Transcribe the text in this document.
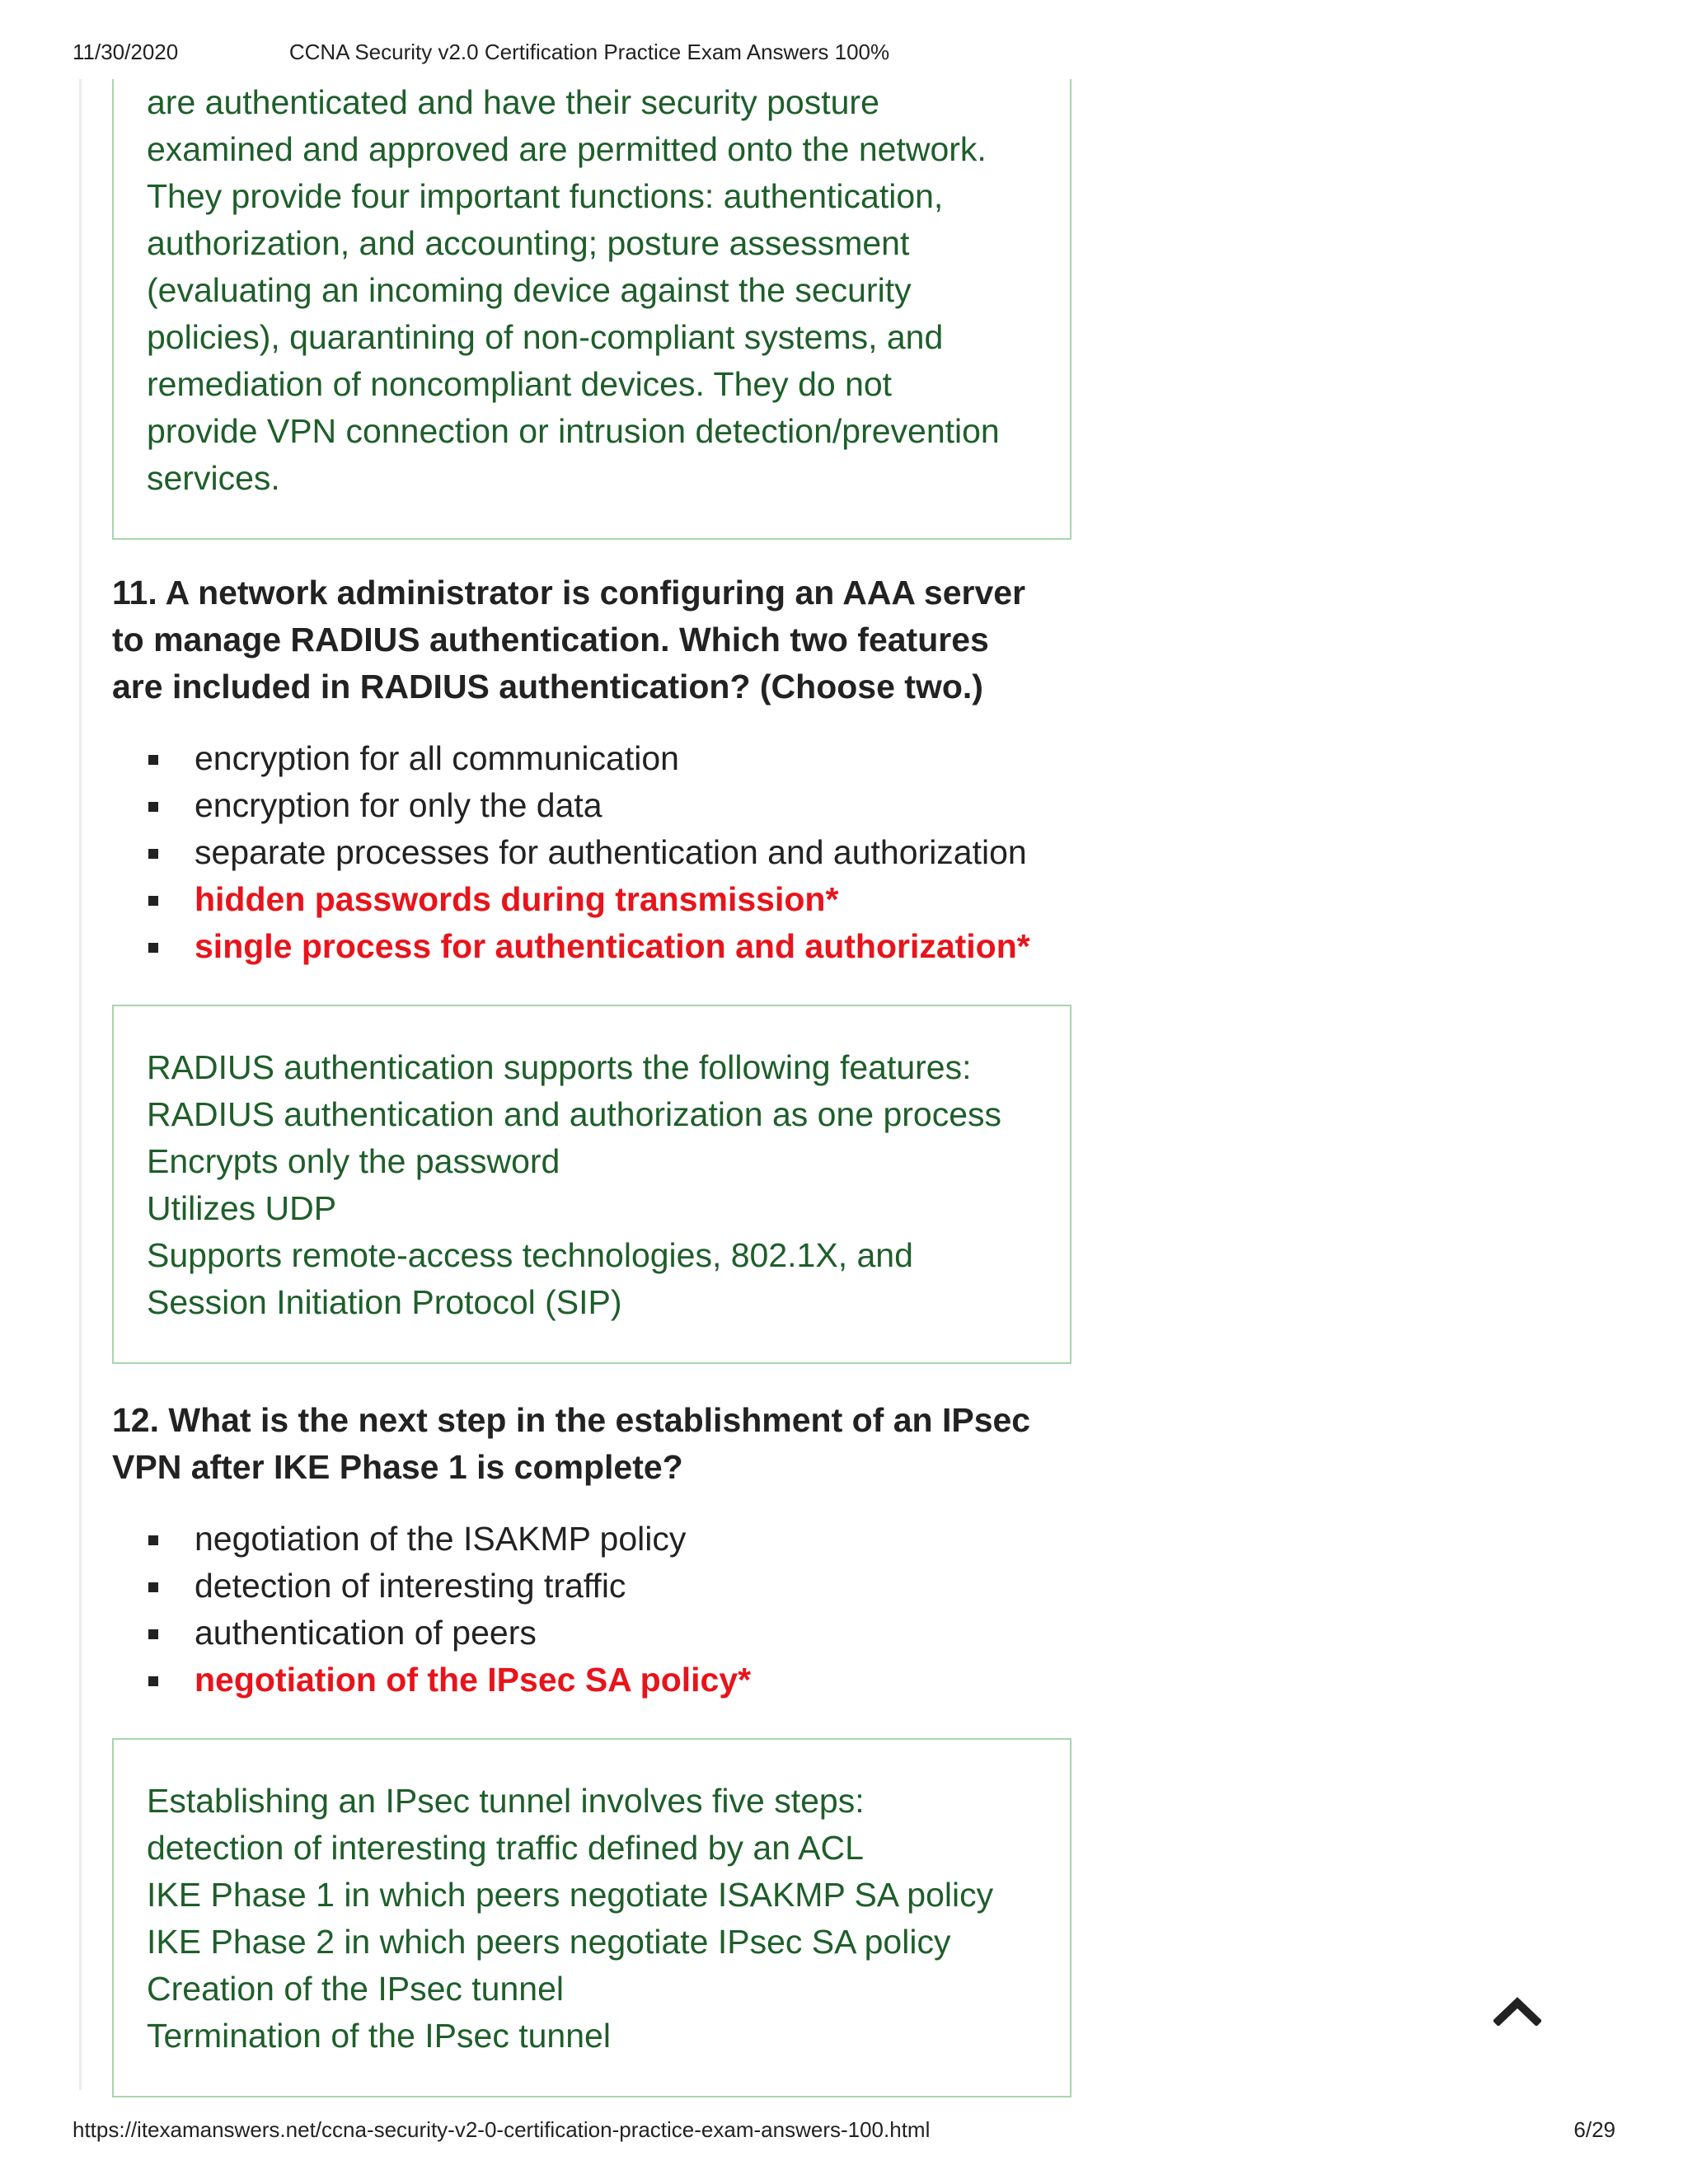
11/30/2020	CCNA Security v2.0 Certification Practice Exam Answers 100%
are authenticated and have their security posture
examined and approved are permitted onto the network.
They provide four important functions: authentication,
authorization, and accounting; posture assessment
(evaluating an incoming device against the security
policies), quarantining of non-compliant systems, and
remediation of noncompliant devices. They do not
provide VPN connection or intrusion detection/prevention
services.
11. A network administrator is configuring an AAA server
to manage RADIUS authentication. Which two features
are included in RADIUS authentication? (Choose two.)
encryption for all communication
encryption for only the data
separate processes for authentication and authorization
hidden passwords during transmission*
single process for authentication and authorization*
RADIUS authentication supports the following features:
RADIUS authentication and authorization as one process
Encrypts only the password
Utilizes UDP
Supports remote-access technologies, 802.1X, and
Session Initiation Protocol (SIP)
12. What is the next step in the establishment of an IPsec
VPN after IKE Phase 1 is complete?
negotiation of the ISAKMP policy
detection of interesting traffic
authentication of peers
negotiation of the IPsec SA policy*
Establishing an IPsec tunnel involves five steps:
detection of interesting traffic defined by an ACL
IKE Phase 1 in which peers negotiate ISAKMP SA policy
IKE Phase 2 in which peers negotiate IPsec SA policy
Creation of the IPsec tunnel
Termination of the IPsec tunnel
https://itexamanswers.net/ccna-security-v2-0-certification-practice-exam-answers-100.html	6/29
